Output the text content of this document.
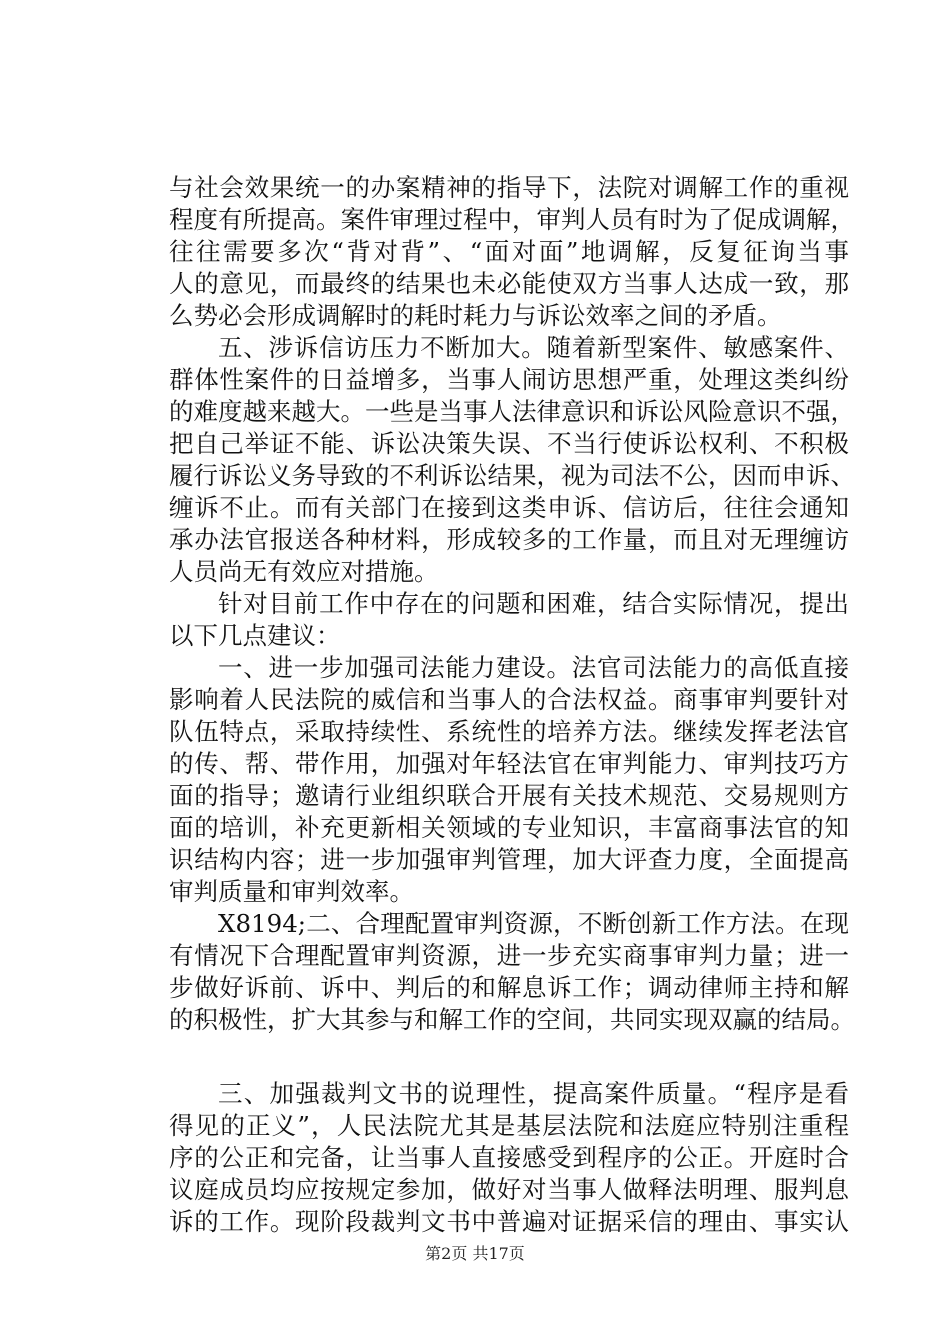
与社会效果统一的办案精神的指导下，法院对调解工作的重视
程度有所提高。案件审理过程中，审判人员有时为了促成调解，
往往需要多次“背对背”、“面对面”地调解，反复征询当事
人的意见，而最终的结果也未必能使双方当事人达成一致，那
么势必会形成调解时的耗时耗力与诉讼效率之间的矛盾。
五、涉诉信访压力不断加大。随着新型案件、敏感案件、
群体性案件的日益增多，当事人闹访思想严重，处理这类纠纷
的难度越来越大。一些是当事人法律意识和诉讼风险意识不强，
把自己举证不能、诉讼决策失误、不当行使诉讼权利、不积极
履行诉讼义务导致的不利诉讼结果，视为司法不公，因而申诉、
缠诉不止。而有关部门在接到这类申诉、信访后，往往会通知
承办法官报送各种材料，形成较多的工作量，而且对无理缠访
人员尚无有效应对措施。
针对目前工作中存在的问题和困难，结合实际情况，提出
以下几点建议：
一、进一步加强司法能力建设。法官司法能力的高低直接
影响着人民法院的威信和当事人的合法权益。商事审判要针对
队伍特点，采取持续性、系统性的培养方法。继续发挥老法官
的传、帮、带作用，加强对年轻法官在审判能力、审判技巧方
面的指导；邀请行业组织联合开展有关技术规范、交易规则方
面的培训，补充更新相关领域的专业知识，丰富商事法官的知
识结构内容；进一步加强审判管理，加大评查力度，全面提高
审判质量和审判效率。
X8194;二、合理配置审判资源，不断创新工作方法。在现
有情况下合理配置审判资源，进一步充实商事审判力量；进一
步做好诉前、诉中、判后的和解息诉工作；调动律师主持和解
的积极性，扩大其参与和解工作的空间，共同实现双赢的结局。
三、加强裁判文书的说理性，提高案件质量。“程序是看
得见的正义”，人民法院尤其是基层法院和法庭应特别注重程
序的公正和完备，让当事人直接感受到程序的公正。开庭时合
议庭成员均应按规定参加，做好对当事人做释法明理、服判息
诉的工作。现阶段裁判文书中普遍对证据采信的理由、事实认
第2页 共17页
